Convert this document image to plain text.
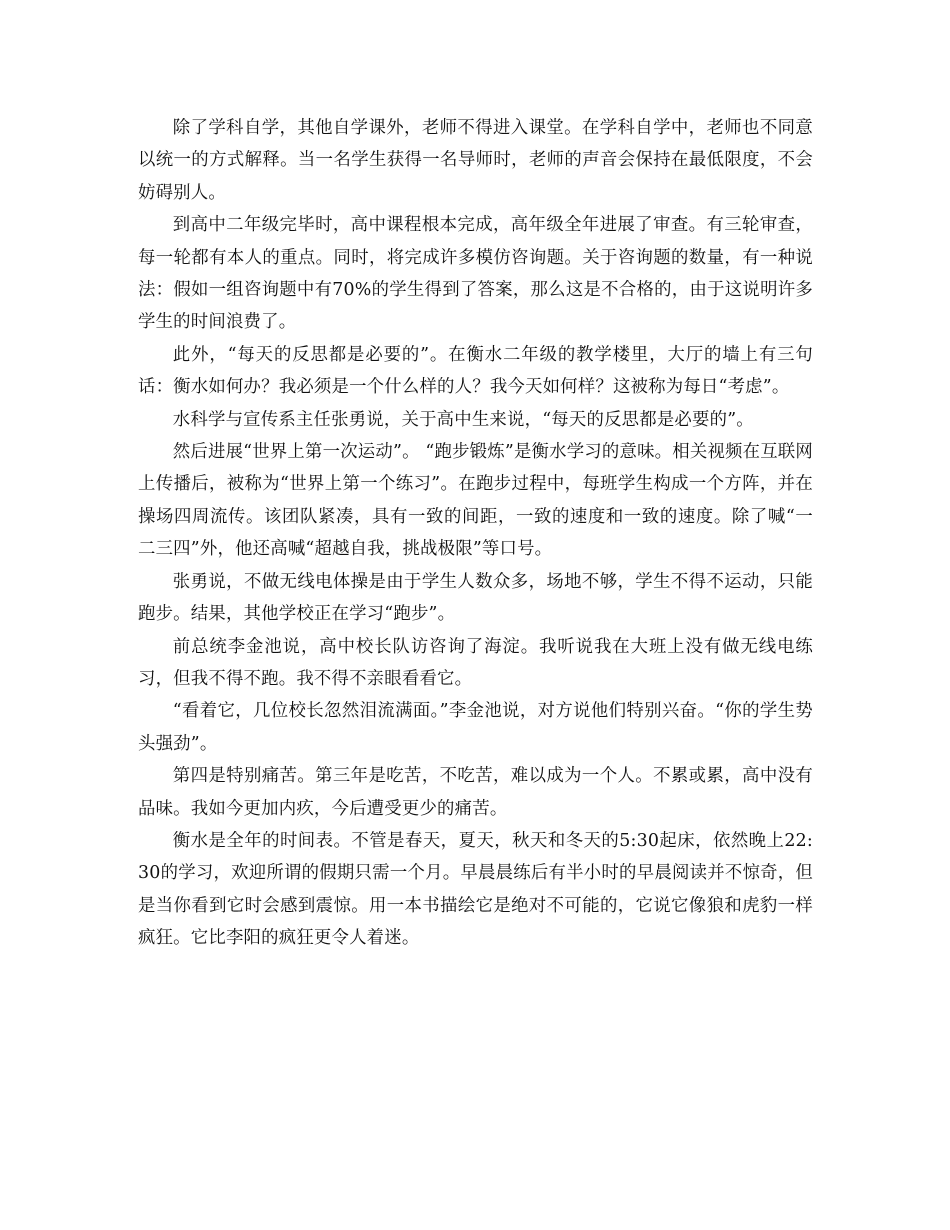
除了学科自学，其他自学课外，老师不得进入课堂。在学科自学中，老师也不同意以统一的方式解释。当一名学生获得一名导师时，老师的声音会保持在最低限度，不会妨碍别人。

到高中二年级完毕时，高中课程根本完成，高年级全年进展了审查。有三轮审查，每一轮都有本人的重点。同时，将完成许多模仿咨询题。关于咨询题的数量，有一种说法：假如一组咨询题中有70%的学生得到了答案，那么这是不合格的，由于这说明许多学生的时间浪费了。

此外，“每天的反思都是必要的”。在衡水二年级的教学楼里，大厅的墙上有三句话：衡水如何办？我必须是一个什么样的人？我今天如何样？这被称为每日“考虑”。

水科学与宣传系主任张勇说，关于高中生来说，“每天的反思都是必要的”。

然后进展“世界上第一次运动”。 “跑步锻炼”是衡水学习的意味。相关视频在互联网上传播后，被称为“世界上第一个练习”。在跑步过程中，每班学生构成一个方阵，并在操场四周流传。该团队紧凑，具有一致的间距，一致的速度和一致的速度。除了喊“一二三四”外，他还高喊“超越自我，挑战极限”等口号。

张勇说，不做无线电体操是由于学生人数众多，场地不够，学生不得不运动，只能跑步。结果，其他学校正在学习“跑步”。

前总统李金池说，高中校长队访咨询了海淀。我听说我在大班上没有做无线电练习，但我不得不跑。我不得不亲眼看看它。

“看着它，几位校长忽然泪流满面。”李金池说，对方说他们特别兴奋。“你的学生势头强劲”。

第四是特别痛苦。第三年是吃苦，不吃苦，难以成为一个人。不累或累，高中没有品味。我如今更加内疚，今后遭受更少的痛苦。

衡水是全年的时间表。不管是春天，夏天，秋天和冬天的5:30起床，依然晚上22:30的学习，欢迎所谓的假期只需一个月。早晨晨练后有半小时的早晨阅读并不惊奇，但是当你看到它时会感到震惊。用一本书描绘它是绝对不可能的，它说它像狼和虎豹一样疯狂。它比李阳的疯狂更令人着迷。
